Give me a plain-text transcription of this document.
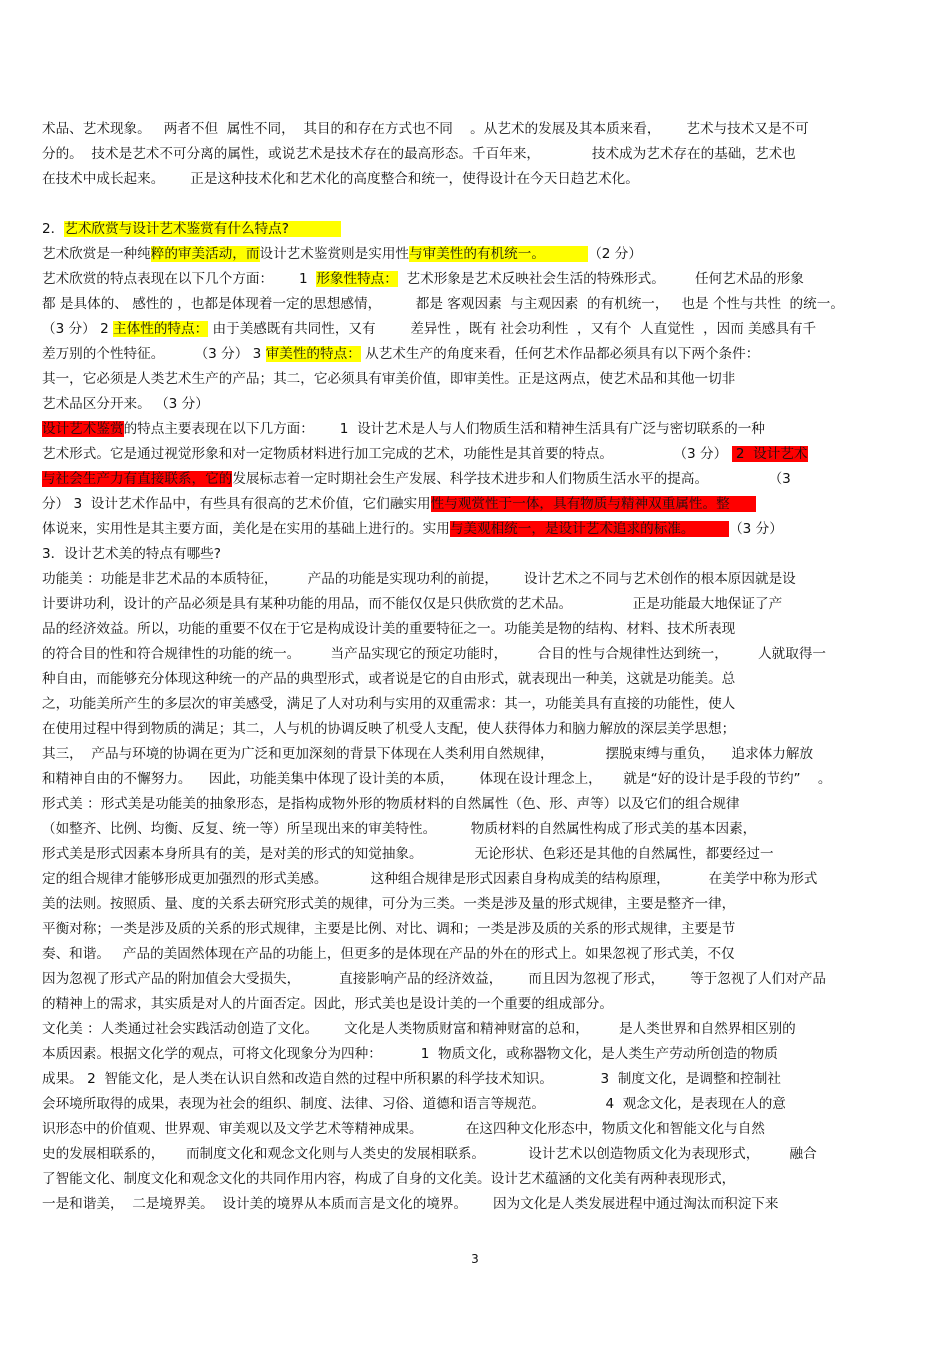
术品、艺术现象。   两者不但  属性不同，  其目的和存在方式也不同    。从艺术的发展及其本质来看，      艺术与技术又是不可
分的。  技术是艺术不可分离的属性，或说艺术是技术存在的最高形态。千百年来，            技术成为艺术存在的基础，艺术也
在技术中成长起来。      正是这种技术化和艺术化的高度整合和统一，使得设计在今天日趋艺术化。
2．艺术欣赏与设计艺术鉴赏有什么特点?
艺术欣赏是一种纯粹的审美活动，而设计艺术鉴赏则是实用性与审美性的有机统一。          （2 分）
艺术欣赏的特点表现在以下几个方面：      1  形象性特点：  艺术形象是艺术反映社会生活的特殊形式。       任何艺术品的形象
都 是具体的、 感性的 ，也都是体现着一定的思想感情，        都是 客观因素  与主观因素  的有机统一，   也是 个性与共性  的统一。
（3 分） 2 主体性的特点： 由于美感既有共同性，又有        差异性 ，既有 社会功利性  ，又有个  人直觉性  ，因而 美感具有千
差万别的个性特征。       （3 分） 3 审美性的特点： 从艺术生产的角度来看，任何艺术作品都必须具有以下两个条件：
其一，它必须是人类艺术生产的产品；其二，它必须具有审美价值，即审美性。正是这两点，使艺术品和其他一切非
艺术品区分开来。 （3 分）
设计艺术鉴赏的特点主要表现在以下几方面：      1  设计艺术是人与人们物质生活和精神生活具有广泛与密切联系的一种
艺术形式。它是通过视觉形象和对一定物质材料进行加工完成的艺术，功能性是其首要的特点。              （3 分）  2  设计艺术
与社会生产力有直接联系，它的发展标志着一定时期社会生产发展、科学技术进步和人们物质生活水平的提高。              （3
分） 3  设计艺术作品中，有些具有很高的艺术价值，它们融实用性与观赏性于一体，具有物质与精神双重属性。整
体说来，实用性是其主要方面，美化是在实用的基础上进行的。实用与美观相统一，是设计艺术追求的标准。        （3 分）
3．设计艺术美的特点有哪些?
功能美 ：功能是非艺术品的本质特征，       产品的功能是实现功利的前提，      设计艺术之不同与艺术创作的根本原因就是设
计要讲功利，设计的产品必须是具有某种功能的用品，而不能仅仅是只供欣赏的艺术品。              正是功能最大地保证了产
品的经济效益。所以，功能的重要不仅在于它是构成设计美的重要特征之一。功能美是物的结构、材料、技术所表现
的符合目的性和符合规律性的功能的统一。       当产品实现它的预定功能时，       合目的性与合规律性达到统一，       人就取得一
种自由，而能够充分体现这种统一的产品的典型形式，或者说是它的自由形式，就表现出一种美，这就是功能美。总
之，功能美所产生的多层次的审美感受，满足了人对功利与实用的双重需求：其一，功能美具有直接的功能性，使人
在使用过程中得到物质的满足；其二，人与机的协调反映了机受人支配，使人获得体力和脑力解放的深层美学思想；
其三，  产品与环境的协调在更为广泛和更加深刻的背景下体现在人类利用自然规律，            摆脱束缚与重负，    追求体力解放
和精神自由的不懈努力。    因此，功能美集中体现了设计美的本质，      体现在设计理念上，     就是“好的设计是手段的节约”    。
形式美 ：形式美是功能美的抽象形态，是指构成物外形的物质材料的自然属性（色、形、声等）以及它们的组合规律
（如整齐、比例、均衡、反复、统一等）所呈现出来的审美特性。        物质材料的自然属性构成了形式美的基本因素，
形式美是形式因素本身所具有的美，是对美的形式的知觉抽象。            无论形状、色彩还是其他的自然属性，都要经过一
定的组合规律才能够形成更加强烈的形式美感。          这种组合规律是形式因素自身构成美的结构原理，         在美学中称为形式
美的法则。按照质、量、度的关系去研究形式美的规律，可分为三类。一类是涉及量的形式规律，主要是整齐一律，
平衡对称；一类是涉及质的关系的形式规律，主要是比例、对比、调和；一类是涉及质的关系的形式规律，主要是节
奏、和谐。   产品的美固然体现在产品的功能上，但更多的是体现在产品的外在的形式上。如果忽视了形式美，不仅
因为忽视了形式产品的附加值会大受损失，         直接影响产品的经济效益，      而且因为忽视了形式，      等于忽视了人们对产品
的精神上的需求，其实质是对人的片面否定。因此，形式美也是设计美的一个重要的组成部分。
文化美 ：人类通过社会实践活动创造了文化。      文化是人类物质财富和精神财富的总和，       是人类世界和自然界相区别的
本质因素。根据文化学的观点，可将文化现象分为四种：         1  物质文化，或称器物文化，是人类生产劳动所创造的物质
成果。 2  智能文化，是人类在认识自然和改造自然的过程中所积累的科学技术知识。           3  制度文化，是调整和控制社
会环境所取得的成果，表现为社会的组织、制度、法律、习俗、道德和语言等规范。              4  观念文化，是表现在人的意
识形态中的价值观、世界观、审美观以及文学艺术等精神成果。          在这四种文化形态中，物质文化和智能文化与自然
史的发展相联系的，     而制度文化和观念文化则与人类史的发展相联系。          设计艺术以创造物质文化为表现形式，       融合
了智能文化、制度文化和观念文化的共同作用内容，构成了自身的文化美。设计艺术蕴涵的文化美有两种表现形式，
一是和谐美，  二是境界美。  设计美的境界从本质而言是文化的境界。      因为文化是人类发展进程中通过淘汰而积淀下来
3
